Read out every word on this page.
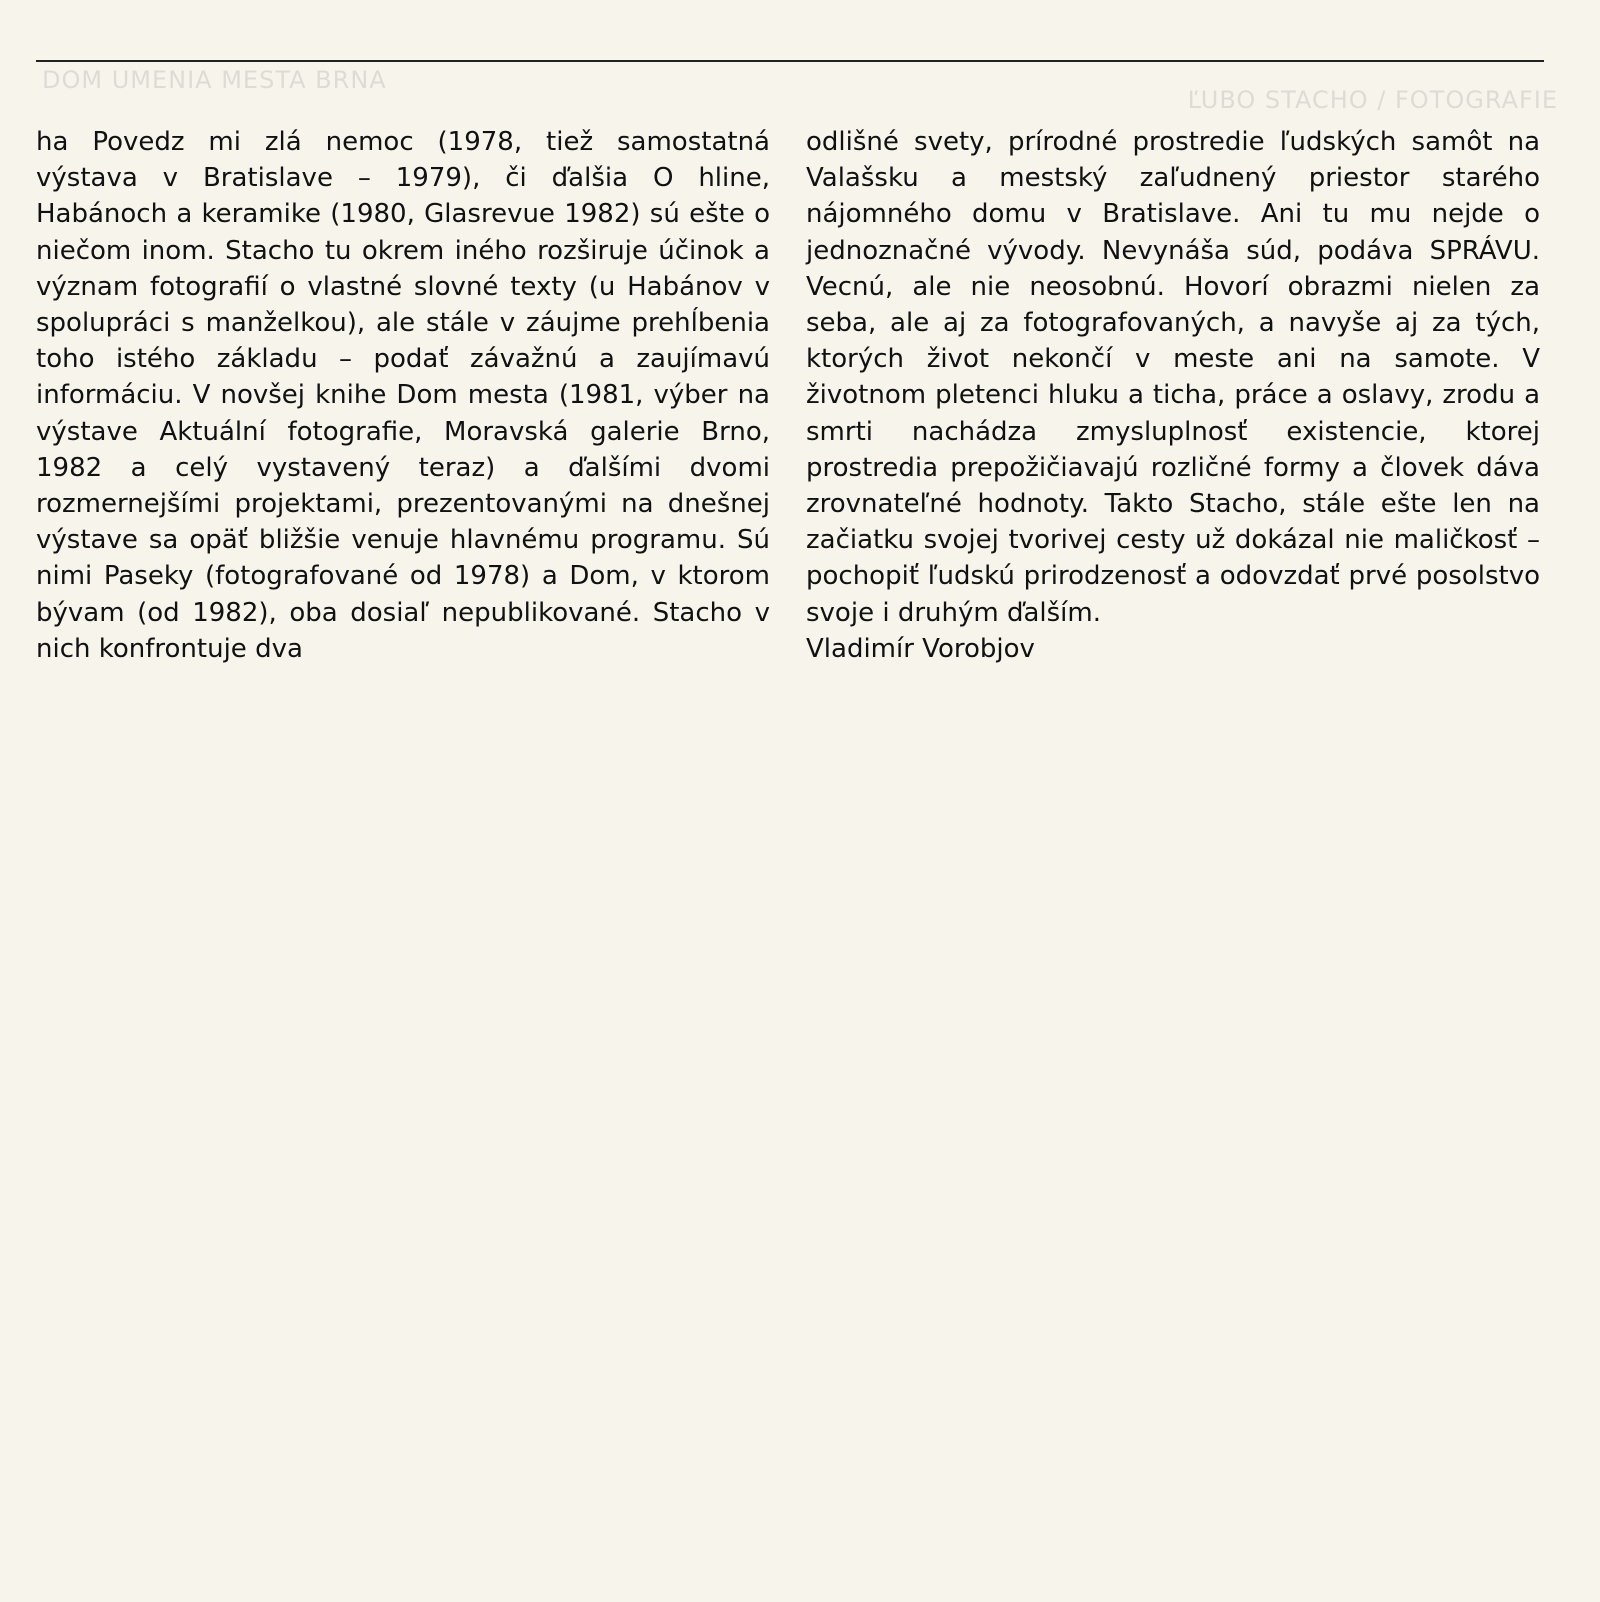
DOM UMENIA MESTA BRNA
ĽUBO STACHO / FOTOGRAFIE

ha Povedz mi zlá nemoc (1978, tiež samostatná výstava v Bratislave – 1979), či ďalšia O hline, Habánoch a keramike (1980, Glasrevue 1982) sú ešte o niečom inom. Stacho tu okrem iného rozširuje účinok a význam fotografií o vlastné slovné texty (u Habánov v spolupráci s manželkou), ale stále v záujme prehĺbenia toho istého základu – podať závažnú a zaujímavú informáciu. V novšej knihe Dom mesta (1981, výber na výstave Aktuální fotografie, Moravská galerie Brno, 1982 a celý vystavený teraz) a ďalšími dvomi rozmernejšími projektami, prezentovanými na dnešnej výstave sa opäť bližšie venuje hlavnému programu. Sú nimi Paseky (fotografované od 1978) a Dom, v ktorom bývam (od 1982), oba dosiaľ nepublikované. Stacho v nich konfrontuje dva

odlišné svety, prírodné prostredie ľudských samôt na Valašsku a mestský zaľudnený priestor starého nájomného domu v Bratislave. Ani tu mu nejde o jednoznačné vývody. Nevynáša súd, podáva SPRÁVU. Vecnú, ale nie neosobnú. Hovorí obrazmi nielen za seba, ale aj za fotografovaných, a navyše aj za tých, ktorých život nekončí v meste ani na samote. V životnom pletenci hluku a ticha, práce a oslavy, zrodu a smrti nachádza zmysluplnosť existencie, ktorej prostredia prepožičiavajú rozličné formy a človek dáva zrovnateľné hodnoty. Takto Stacho, stále ešte len na začiatku svojej tvorivej cesty už dokázal nie maličkosť – pochopiť ľudskú prirodzenosť a odovzdať prvé posolstvo svoje i druhým ďalším.

Vladimír Vorobjov
